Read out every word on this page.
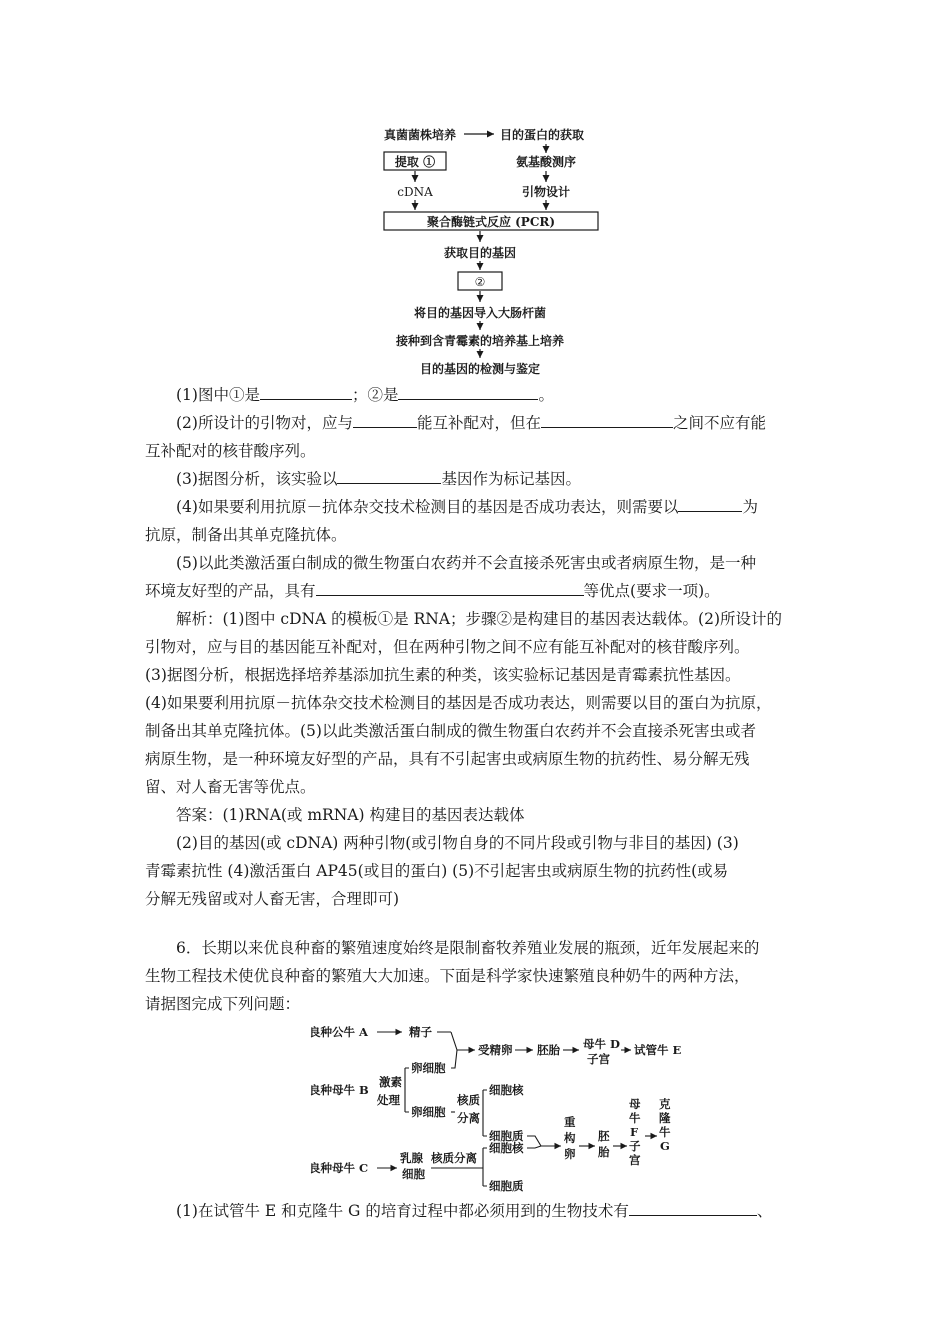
真菌菌株培养	目的蛋白的获取
提取 ①	氨基酸测序
cDNA	引物设计
聚合酶链式反应 (PCR)
获取目的基因
②
将目的基因导入大肠杆菌
接种到含青霉素的培养基上培养
目的基因的检测与鉴定
(1)图中①是	；②是	。
(2)所设计的引物对，应与	能互补配对，但在	之间不应有能
互补配对的核苷酸序列。
(3)据图分析，该实验以	基因作为标记基因。
(4)如果要利用抗原－抗体杂交技术检测目的基因是否成功表达，则需要以	为
抗原，制备出其单克隆抗体。
(5)以此类激活蛋白制成的微生物蛋白农药并不会直接杀死害虫或者病原生物，是一种
环境友好型的产品，具有	等优点(要求一项)。
解析：(1)图中 cDNA 的模板①是 RNA；步骤②是构建目的基因表达载体。(2)所设计的
引物对，应与目的基因能互补配对，但在两种引物之间不应有能互补配对的核苷酸序列。
(3)据图分析，根据选择培养基添加抗生素的种类，该实验标记基因是青霉素抗性基因。
(4)如果要利用抗原－抗体杂交技术检测目的基因是否成功表达，则需要以目的蛋白为抗原，
制备出其单克隆抗体。(5)以此类激活蛋白制成的微生物蛋白农药并不会直接杀死害虫或者
病原生物，是一种环境友好型的产品，具有不引起害虫或病原生物的抗药性、易分解无残
留、对人畜无害等优点。
答案：(1)RNA(或 mRNA) 构建目的基因表达载体
(2)目的基因(或 cDNA) 两种引物(或引物自身的不同片段或引物与非目的基因) (3)
青霉素抗性 (4)激活蛋白 AP45(或目的蛋白) (5)不引起害虫或病原生物的抗药性(或易
分解无残留或对人畜无害，合理即可)
6．长期以来优良种畜的繁殖速度始终是限制畜牧养殖业发展的瓶颈，近年发展起来的
生物工程技术使优良种畜的繁殖大大加速。下面是科学家快速繁殖良种奶牛的两种方法，
请据图完成下列问题：
良种公牛 A	精子
受精卵 胚胎 母牛 D
子宫
试管牛 E
良种母牛 B
激素
处理
卵细胞
卵细胞
核质
分离
细胞核
细胞质
重
构
卵
胚
胎
母
牛
F
子
宫
克
隆
牛
G
良种母牛 C
乳腺
细胞
核质分离
细胞核
细胞质
(1)在试管牛 E 和克隆牛 G 的培育过程中都必须用到的生物技术有	、
